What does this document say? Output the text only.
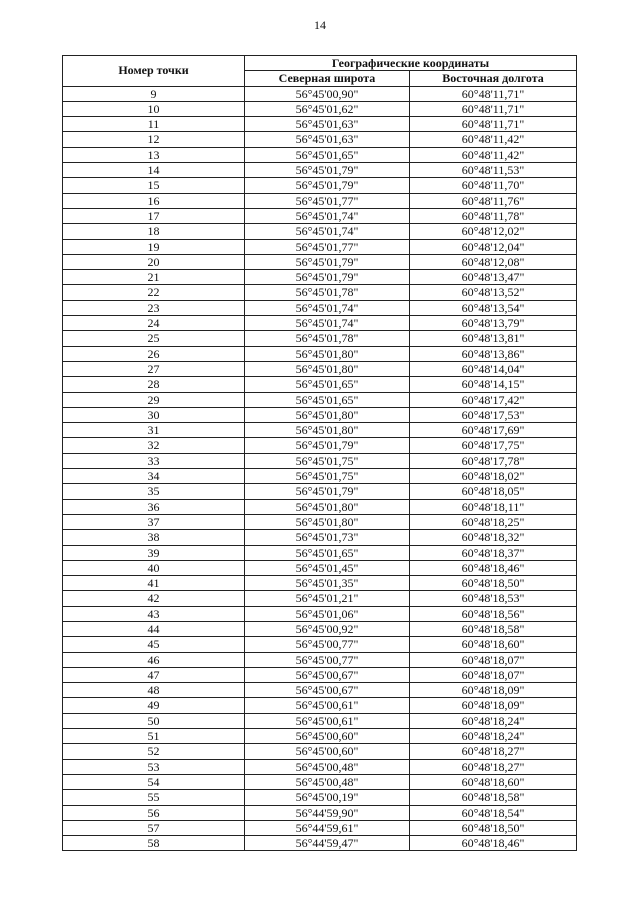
14
Номер точки	Географические координаты	
	Северная широта	Восточная долгота
9	56°45'00,90"	60°48'11,71"
10	56°45'01,62"	60°48'11,71"
11	56°45'01,63"	60°48'11,71"
12	56°45'01,63"	60°48'11,42"
13	56°45'01,65"	60°48'11,42"
14	56°45'01,79"	60°48'11,53"
15	56°45'01,79"	60°48'11,70"
16	56°45'01,77"	60°48'11,76"
17	56°45'01,74"	60°48'11,78"
18	56°45'01,74"	60°48'12,02"
19	56°45'01,77"	60°48'12,04"
20	56°45'01,79"	60°48'12,08"
21	56°45'01,79"	60°48'13,47"
22	56°45'01,78"	60°48'13,52"
23	56°45'01,74"	60°48'13,54"
24	56°45'01,74"	60°48'13,79"
25	56°45'01,78"	60°48'13,81"
26	56°45'01,80"	60°48'13,86"
27	56°45'01,80"	60°48'14,04"
28	56°45'01,65"	60°48'14,15"
29	56°45'01,65"	60°48'17,42"
30	56°45'01,80"	60°48'17,53"
31	56°45'01,80"	60°48'17,69"
32	56°45'01,79"	60°48'17,75"
33	56°45'01,75"	60°48'17,78"
34	56°45'01,75"	60°48'18,02"
35	56°45'01,79"	60°48'18,05"
36	56°45'01,80"	60°48'18,11"
37	56°45'01,80"	60°48'18,25"
38	56°45'01,73"	60°48'18,32"
39	56°45'01,65"	60°48'18,37"
40	56°45'01,45"	60°48'18,46"
41	56°45'01,35"	60°48'18,50"
42	56°45'01,21"	60°48'18,53"
43	56°45'01,06"	60°48'18,56"
44	56°45'00,92"	60°48'18,58"
45	56°45'00,77"	60°48'18,60"
46	56°45'00,77"	60°48'18,07"
47	56°45'00,67"	60°48'18,07"
48	56°45'00,67"	60°48'18,09"
49	56°45'00,61"	60°48'18,09"
50	56°45'00,61"	60°48'18,24"
51	56°45'00,60"	60°48'18,24"
52	56°45'00,60"	60°48'18,27"
53	56°45'00,48"	60°48'18,27"
54	56°45'00,48"	60°48'18,60"
55	56°45'00,19"	60°48'18,58"
56	56°44'59,90"	60°48'18,54"
57	56°44'59,61"	60°48'18,50"
58	56°44'59,47"	60°48'18,46"
